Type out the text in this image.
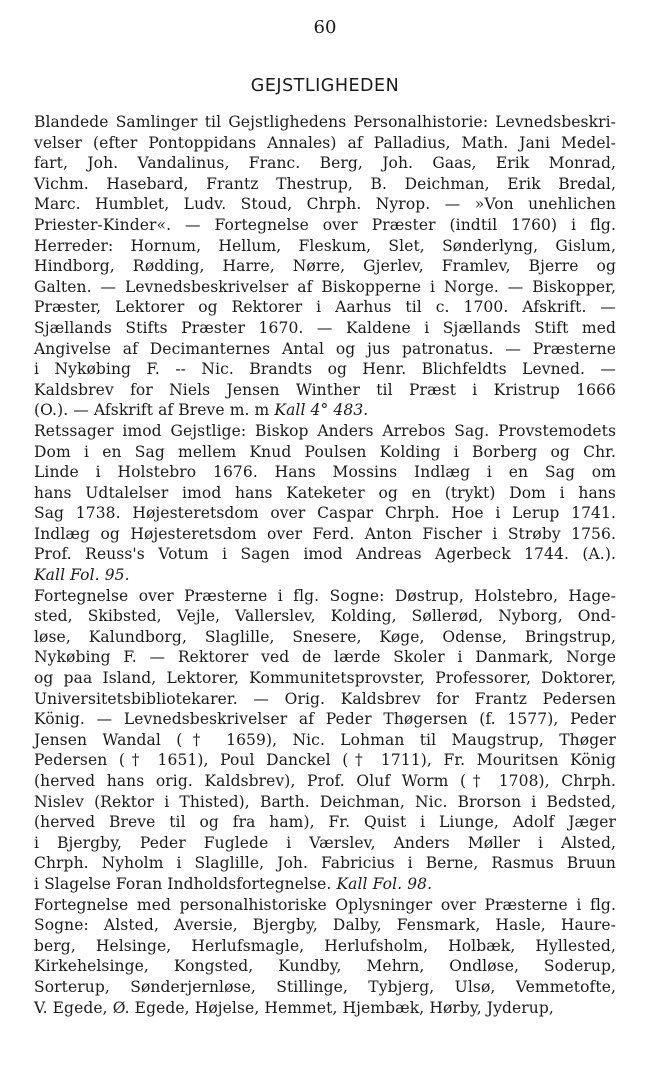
60
GEJSTLIGHEDEN

Blandede Samlinger til Gejstlighedens Personalhistorie: Levnedsbeskri-
velser (efter Pontoppidans Annales) af Palladius, Math. Jani Medel-
fart, Joh. Vandalinus, Franc. Berg, Joh. Gaas, Erik Monrad,
Vichm. Hasebard, Frantz Thestrup, B. Deichman, Erik Bredal,
Marc. Humblet, Ludv. Stoud, Chrph. Nyrop. — »Von unehlichen
Priester-Kinder«. — Fortegnelse over Præster (indtil 1760) i flg.
Herreder: Hornum, Hellum, Fleskum, Slet, Sønderlyng, Gislum,
Hindborg, Rødding, Harre, Nørre, Gjerlev, Framlev, Bjerre og
Galten. — Levnedsbeskrivelser af Biskopperne i Norge. — Biskopper,
Præster, Lektorer og Rektorer i Aarhus til c. 1700. Afskrift. —
Sjællands Stifts Præster 1670. — Kaldene i Sjællands Stift med
Angivelse af Decimanternes Antal og jus patronatus. — Præsterne
i Nykøbing F. -- Nic. Brandts og Henr. Blichfeldts Levned. —
Kaldsbrev for Niels Jensen Winther til Præst i Kristrup 1666
(O.). — Afskrift af Breve m. m Kall 4° 483.

Retssager imod Gejstlige: Biskop Anders Arrebos Sag. Provstemodets
Dom i en Sag mellem Knud Poulsen Kolding i Borberg og Chr.
Linde i Holstebro 1676. Hans Mossins Indlæg i en Sag om
hans Udtalelser imod hans Kateketer og en (trykt) Dom i hans
Sag 1738. Højesteretsdom over Caspar Chrph. Hoe i Lerup 1741.
Indlæg og Højesteretsdom over Ferd. Anton Fischer i Strøby 1756.
Prof. Reuss's Votum i Sagen imod Andreas Agerbeck 1744. (A.).
Kall Fol. 95.

Fortegnelse over Præsterne i flg. Sogne: Døstrup, Holstebro, Hage-
sted, Skibsted, Vejle, Vallerslev, Kolding, Søllerød, Nyborg, Ond-
løse, Kalundborg, Slaglille, Snesere, Køge, Odense, Bringstrup,
Nykøbing F. — Rektorer ved de lærde Skoler i Danmark, Norge
og paa Island, Lektorer, Kommunitetsprovster, Professorer, Doktorer,
Universitetsbibliotekarer. — Orig. Kaldsbrev for Frantz Pedersen
König. — Levnedsbeskrivelser af Peder Thøgersen (f. 1577), Peder
Jensen Wandal († 1659), Nic. Lohman til Maugstrup, Thøger
Pedersen († 1651), Poul Danckel († 1711), Fr. Mouritsen König
(herved hans orig. Kaldsbrev), Prof. Oluf Worm († 1708), Chrph.
Nislev (Rektor i Thisted), Barth. Deichman, Nic. Brorson i Bedsted,
(herved Breve til og fra ham), Fr. Quist i Liunge, Adolf Jæger
i Bjergby, Peder Fuglede i Værslev, Anders Møller i Alsted,
Chrph. Nyholm i Slaglille, Joh. Fabricius i Berne, Rasmus Bruun
i Slagelse Foran Indholdsfortegnelse. Kall Fol. 98.

Fortegnelse med personalhistoriske Oplysninger over Præsterne i flg.
Sogne: Alsted, Aversie, Bjergby, Dalby, Fensmark, Hasle, Haure-
berg, Helsinge, Herlufsmagle, Herlufsholm, Holbæk, Hyllested,
Kirkehelsinge, Kongsted, Kundby, Mehrn, Ondløse, Soderup,
Sorterup, Sønderjernløse, Stillinge, Tybjerg, Ulsø, Vemmetofte,
V. Egede, Ø. Egede, Højelse, Hemmet, Hjembæk, Hørby, Jyderup,
